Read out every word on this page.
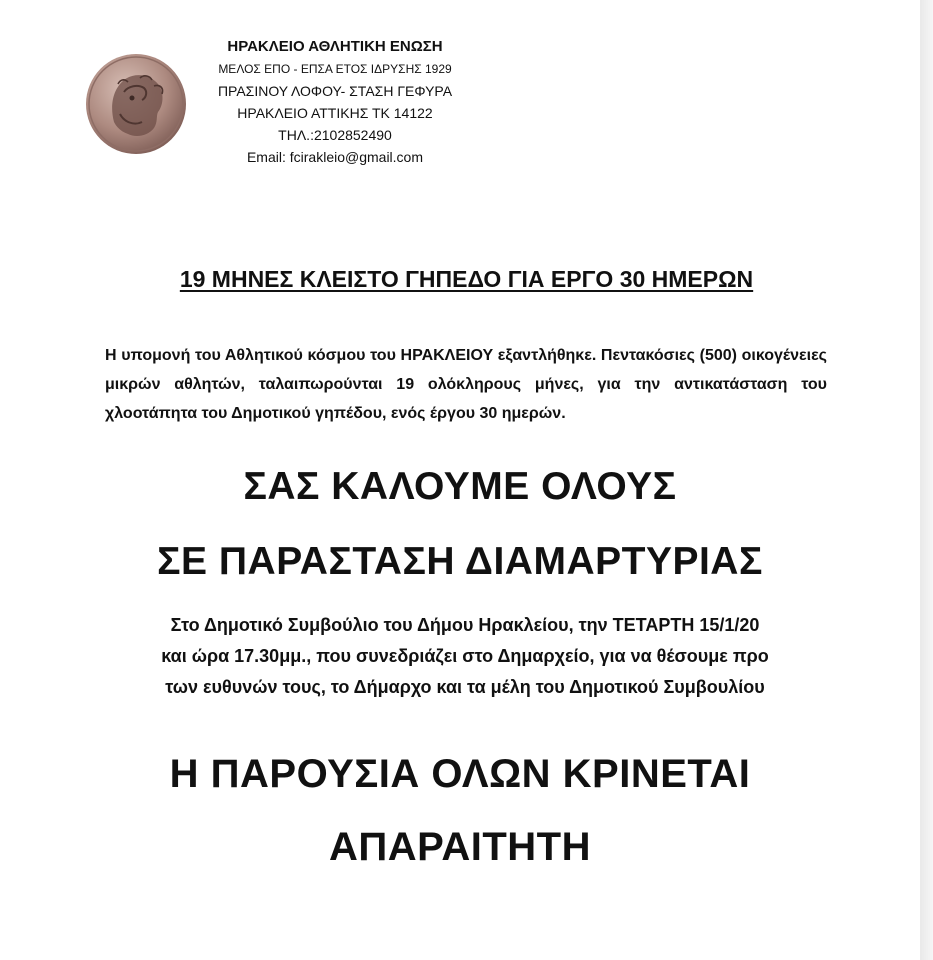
ΗΡΑΚΛΕΙΟ ΑΘΛΗΤΙΚΗ ΕΝΩΣΗ
ΜΕΛΟΣ ΕΠΟ - ΕΠΣΑ ΕΤΟΣ ΙΔΡΥΣΗΣ 1929
ΠΡΑΣΙΝΟΥ ΛΟΦΟΥ- ΣΤΑΣΗ ΓΕΦΥΡΑ
ΗΡΑΚΛΕΙΟ ΑΤΤΙΚΗΣ ΤΚ 14122
ΤΗΛ.:2102852490
Email: fcirakleio@gmail.com
19 ΜΗΝΕΣ ΚΛΕΙΣΤΟ ΓΗΠΕΔΟ ΓΙΑ ΕΡΓΟ 30 ΗΜΕΡΩΝ
Η υπομονή του Αθλητικού κόσμου του ΗΡΑΚΛΕΙΟΥ εξαντλήθηκε. Πεντακόσιες (500) οικογένειες μικρών αθλητών, ταλαιπωρούνται 19 ολόκληρους μήνες, για την αντικατάσταση του χλοοτάπητα του Δημοτικού γηπέδου, ενός έργου 30 ημερών.
ΣΑΣ ΚΑΛΟΥΜΕ ΟΛΟΥΣ
ΣΕ ΠΑΡΑΣΤΑΣΗ ΔΙΑΜΑΡΤΥΡΙΑΣ
Στο Δημοτικό Συμβούλιο του Δήμου Ηρακλείου, την ΤΕΤΑΡΤΗ 15/1/20
και ώρα 17.30μμ., που συνεδριάζει στο Δημαρχείο, για να θέσουμε προ
των ευθυνών τους, το Δήμαρχο και τα μέλη του Δημοτικού Συμβουλίου
Η ΠΑΡΟΥΣΙΑ ΟΛΩΝ ΚΡΙΝΕΤΑΙ
ΑΠΑΡΑΙΤΗΤΗ
